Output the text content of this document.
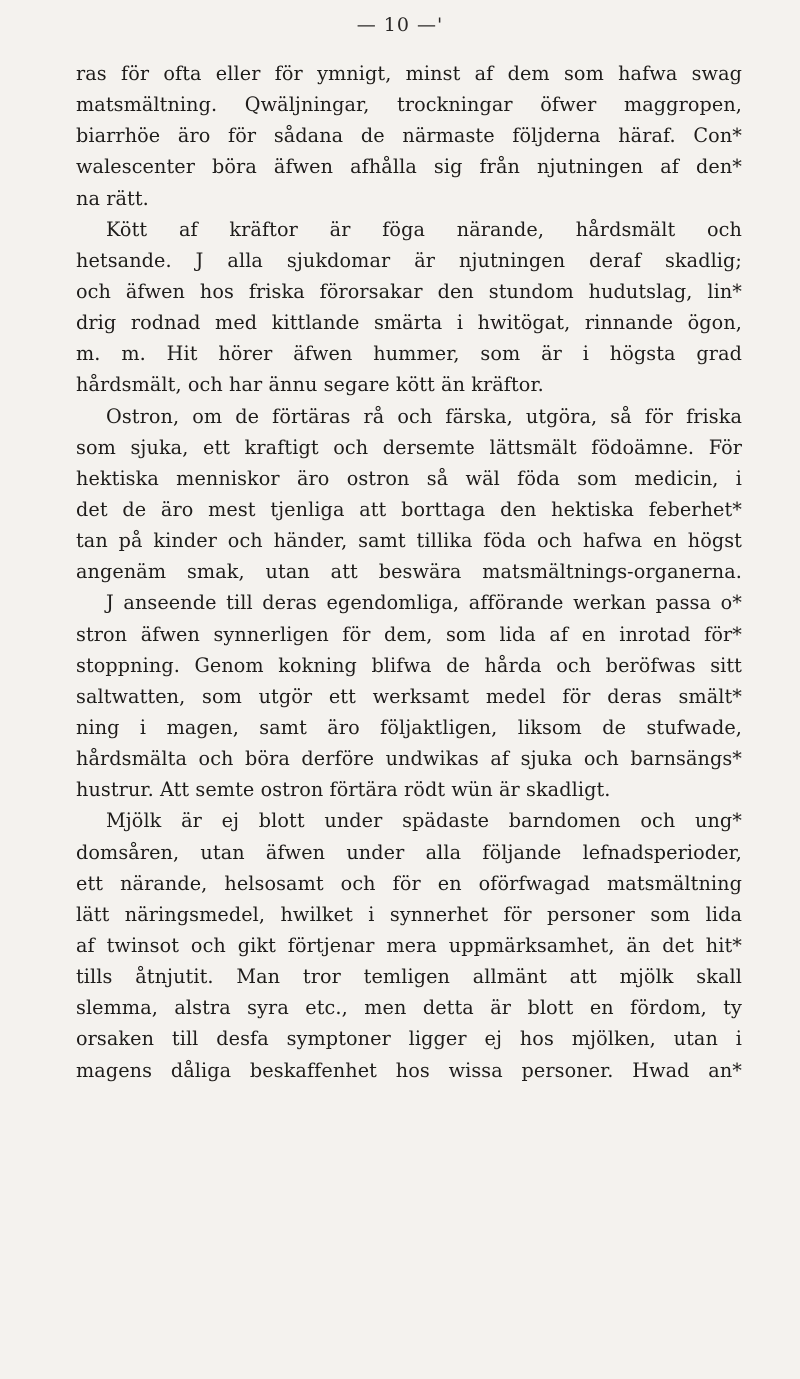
— 10 —'
ras för ofta eller för ymnigt, minst af dem som hafwa swag
matsmältning. Qwäljningar, trockningar öfwer maggropen,
biarrhöe äro för sådana de närmaste följderna häraf. Con*
walescenter böra äfwen afhålla sig från njutningen af den*
na rätt.
Kött af kräftor är föga närande, hårdsmält och
hetsande. J alla sjukdomar är njutningen deraf skadlig;
och äfwen hos friska förorsakar den stundom hudutslag, lin*
drig rodnad med kittlande smärta i hwitögat, rinnande ögon,
m. m. Hit hörer äfwen hummer, som är i högsta grad
hårdsmält, och har ännu segare kött än kräftor.
Ostron, om de förtäras rå och färska, utgöra, så för friska
som sjuka, ett kraftigt och dersemte lättsmält födoämne. För
hektiska menniskor äro ostron så wäl föda som medicin, i
det de äro mest tjenliga att borttaga den hektiska feberhet*
tan på kinder och händer, samt tillika föda och hafwa en högst
angenäm smak, utan att beswära matsmältnings-organerna.
J anseende till deras egendomliga, afförande werkan passa o*
stron äfwen synnerligen för dem, som lida af en inrotad för*
stoppning. Genom kokning blifwa de hårda och beröfwas sitt
saltwatten, som utgör ett werksamt medel för deras smält*
ning i magen, samt äro följaktligen, liksom de stufwade,
hårdsmälta och böra derföre undwikas af sjuka och barnsängs*
hustrur. Att semte ostron förtära rödt wün är skadligt.
Mjölk är ej blott under spädaste barndomen och ung*
domsåren, utan äfwen under alla följande lefnadsperioder,
ett närande, helsosamt och för en oförfwagad matsmältning
lätt näringsmedel, hwilket i synnerhet för personer som lida
af twinsot och gikt förtjenar mera uppmärksamhet, än det hit*
tills åtnjutit. Man tror temligen allmänt att mjölk skall
slemma, alstra syra etc., men detta är blott en fördom, ty
orsaken till desfa symptoner ligger ej hos mjölken, utan i
magens dåliga beskaffenhet hos wissa personer. Hwad an*
